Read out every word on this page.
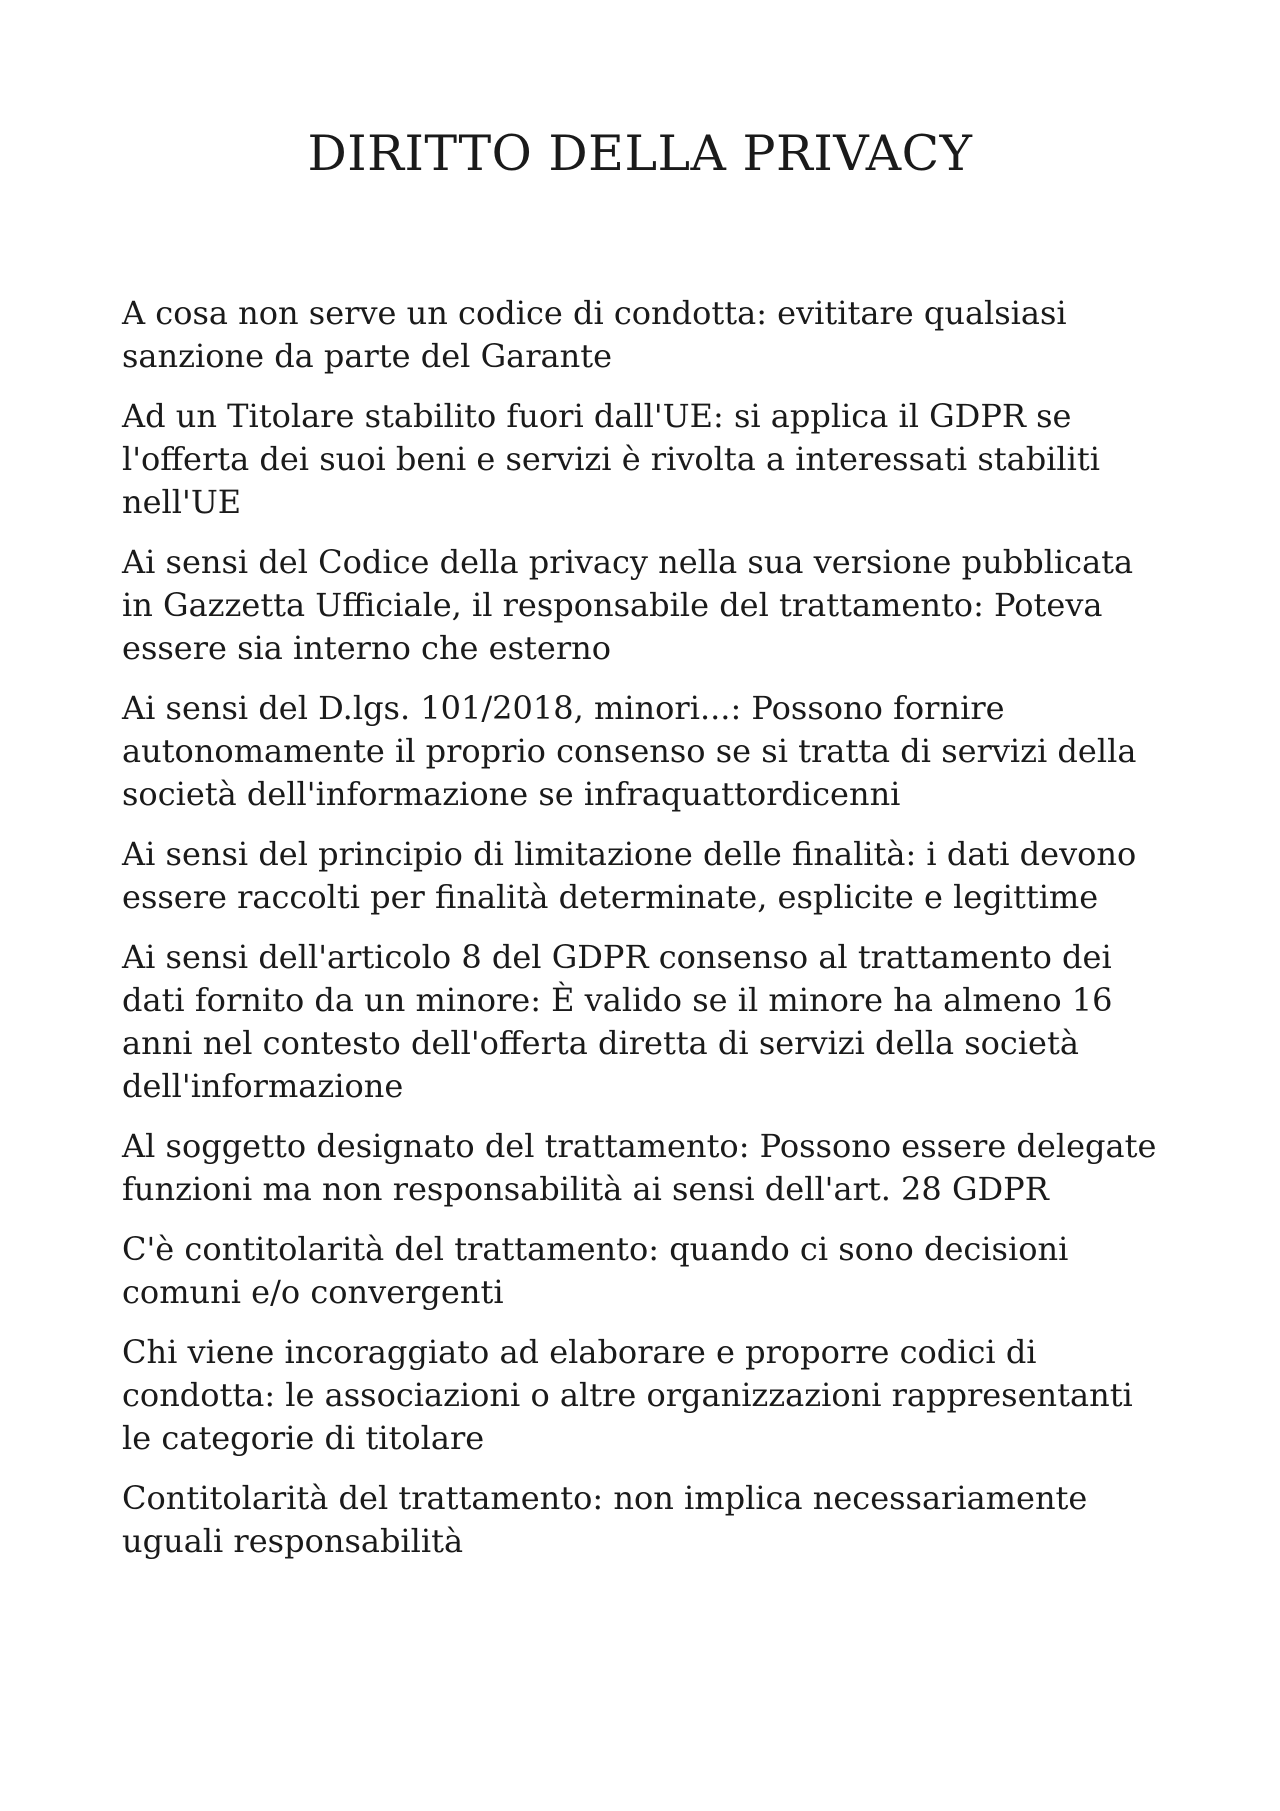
DIRITTO DELLA PRIVACY
A cosa non serve un codice di condotta: evititare qualsiasi sanzione da parte del Garante
Ad un Titolare stabilito fuori dall'UE: si applica il GDPR se l'offerta dei suoi beni e servizi è rivolta a interessati stabiliti nell'UE
Ai sensi del Codice della privacy nella sua versione pubblicata in Gazzetta Ufficiale, il responsabile del trattamento: Poteva essere sia interno che esterno
Ai sensi del D.lgs. 101/2018, minori...: Possono fornire autonomamente il proprio consenso se si tratta di servizi della società dell'informazione se infraquattordicenni
Ai sensi del principio di limitazione delle finalità: i dati devono essere raccolti per finalità determinate, esplicite e legittime
Ai sensi dell'articolo 8 del GDPR consenso al trattamento dei dati fornito da un minore: È valido se il minore ha almeno 16 anni nel contesto dell'offerta diretta di servizi della società dell'informazione
Al soggetto designato del trattamento: Possono essere delegate funzioni ma non responsabilità ai sensi dell'art. 28 GDPR
C'è contitolarità del trattamento: quando ci sono decisioni comuni e/o convergenti
Chi viene incoraggiato ad elaborare e proporre codici di condotta: le associazioni o altre organizzazioni rappresentanti le categorie di titolare
Contitolarità del trattamento: non implica necessariamente uguali responsabilità
